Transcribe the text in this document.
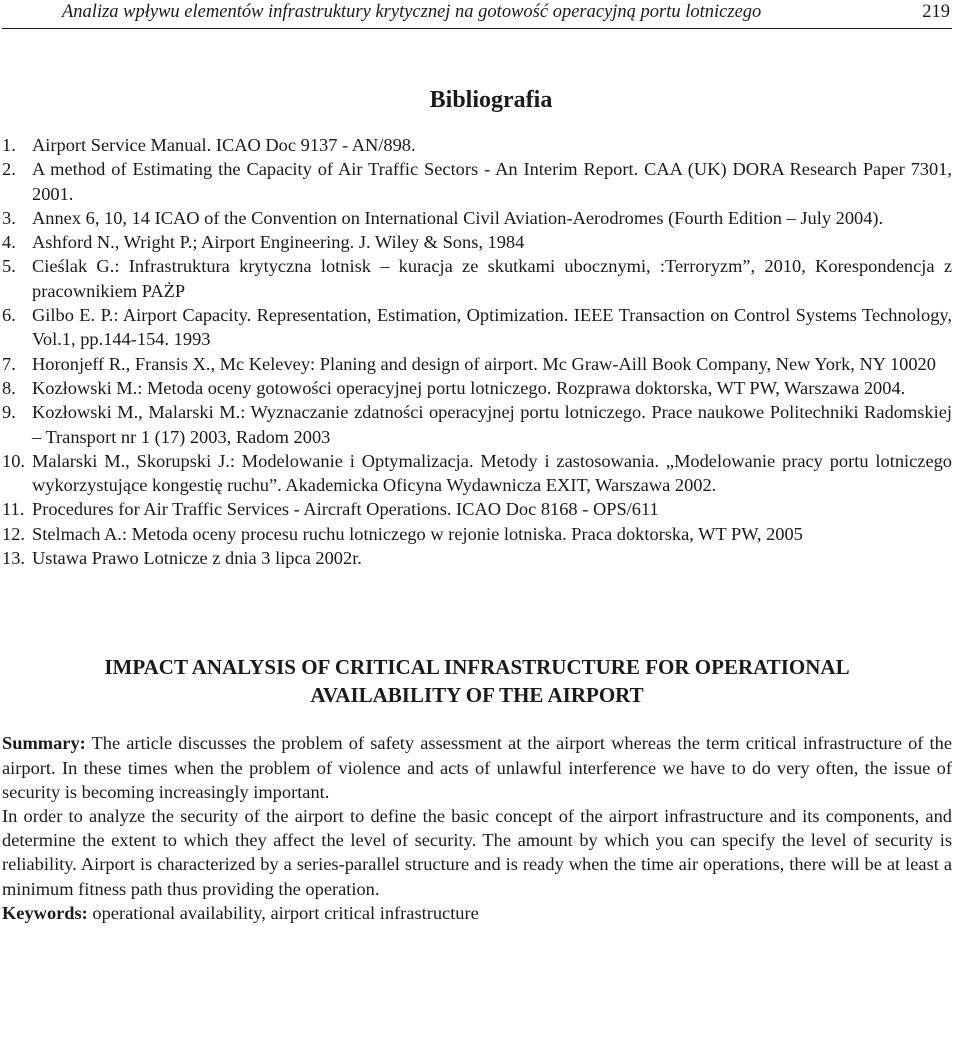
Analiza wpływu elementów infrastruktury krytycznej na gotowość operacyjną portu lotniczego	219
Bibliografia
1. Airport Service Manual. ICAO Doc 9137 - AN/898.
2. A method of Estimating the Capacity of Air Traffic Sectors - An Interim Report. CAA (UK) DORA Research Paper 7301, 2001.
3. Annex 6, 10, 14 ICAO of the Convention on International Civil Aviation-Aerodromes (Fourth Edition – July 2004).
4. Ashford N., Wright P.; Airport Engineering. J. Wiley & Sons, 1984
5. Cieślak G.: Infrastruktura krytyczna lotnisk – kuracja ze skutkami ubocznymi, :Terroryzm”, 2010, Korespondencja z pracownikiem PAŻP
6. Gilbo E. P.: Airport Capacity. Representation, Estimation, Optimization. IEEE Transaction on Control Systems Technology, Vol.1, pp.144-154. 1993
7. Horonjeff R., Fransis X., Mc Kelevey: Planing and design of airport. Mc Graw-Aill Book Company, New York, NY 10020
8. Kozłowski M.: Metoda oceny gotowości operacyjnej portu lotniczego. Rozprawa doktorska, WT PW, Warszawa 2004.
9. Kozłowski M., Malarski M.: Wyznaczanie zdatności operacyjnej portu lotniczego. Prace naukowe Politechniki Radomskiej – Transport nr 1 (17) 2003, Radom 2003
10. Malarski M., Skorupski J.: Modelowanie i Optymalizacja. Metody i zastosowania. „Modelowanie pracy portu lotniczego wykorzystujące kongestię ruchu”. Akademicka Oficyna Wydawnicza EXIT, Warszawa 2002.
11. Procedures for Air Traffic Services - Aircraft Operations. ICAO Doc 8168 - OPS/611
12. Stelmach A.: Metoda oceny procesu ruchu lotniczego w rejonie lotniska. Praca doktorska, WT PW, 2005
13. Ustawa Prawo Lotnicze z dnia 3 lipca 2002r.
IMPACT ANALYSIS OF CRITICAL INFRASTRUCTURE FOR OPERATIONAL AVAILABILITY OF THE AIRPORT

Summary: The article discusses the problem of safety assessment at the airport whereas the term critical infrastructure of the airport. In these times when the problem of violence and acts of unlawful interference we have to do very often, the issue of security is becoming increasingly important.

In order to analyze the security of the airport to define the basic concept of the airport infrastructure and its components, and determine the extent to which they affect the level of security. The amount by which you can specify the level of security is reliability. Airport is characterized by a series-parallel structure and is ready when the time air operations, there will be at least a minimum fitness path thus providing the operation.

Keywords: operational availability, airport critical infrastructure
